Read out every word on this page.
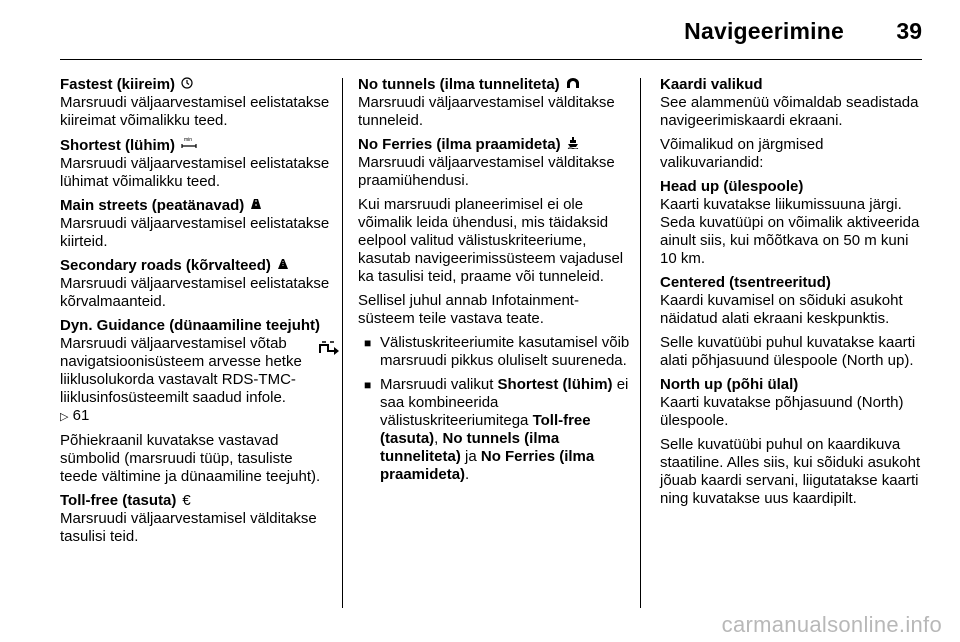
Navigeerimine 39
Fastest (kiireim)
Marsruudi väljaarvestamisel eelistatakse kiireimat võimalikku teed.
Shortest (lühim) min
Marsruudi väljaarvestamisel eelistatakse lühimat võimalikku teed.
Main streets (peatänavad)
Marsruudi väljaarvestamisel eelistatakse kiirteid.
Secondary roads (kõrvalteed)
Marsruudi väljaarvestamisel eelistatakse kõrvalmaanteid.
Dyn. Guidance (dünaamiline teejuht)
Marsruudi väljaarvestamisel võtab navigatsioonisüsteem arvesse hetke liiklusolukorda vastavalt RDS-TMC-liiklusinfosüsteemilt saadud infole.
▷ 61

Põhiekraanil kuvatakse vastavad sümbolid (marsruudi tüüp, tasuliste teede vältimine ja dünaamiline teejuht).

Toll-free (tasuta) €
Marsruudi väljaarvestamisel välditakse tasulisi teid.
No tunnels (ilma tunneliteta)
Marsruudi väljaarvestamisel välditakse tunneleid.
No Ferries (ilma praamideta)
Marsruudi väljaarvestamisel välditakse praamiühendusi.

Kui marsruudi planeerimisel ei ole võimalik leida ühendusi, mis täidaksid eelpool valitud välistuskriteeriume, kasutab navigeerimissüsteem vajadusel ka tasulisi teid, praame või tunneleid.

Sellisel juhul annab Infotainment-süsteem teile vastava teate.

■ Välistuskriteeriumite kasutamisel võib marsruudi pikkus oluliselt suureneda.
■ Marsruudi valikut Shortest (lühim) ei saa kombineerida välistuskriteeriumitega Toll-free (tasuta), No tunnels (ilma tunneliteta) ja No Ferries (ilma praamideta).
Kaardi valikud
See alammenüü võimaldab seadistada navigeerimiskaardi ekraani.

Võimalikud on järgmised valikuvariandid:

Head up (ülespoole)
Kaarti kuvatakse liikumissuuna järgi. Seda kuvatüüpi on võimalik aktiveerida ainult siis, kui mõõtkava on 50 m kuni 10 km.
Centered (tsentreeritud)
Kaardi kuvamisel on sõiduki asukoht näidatud alati ekraani keskpunktis.

Selle kuvatüübi puhul kuvatakse kaarti alati põhjasuund ülespoole (North up).

North up (põhi ülal)
Kaarti kuvatakse põhjasuund (North) ülespoole.

Selle kuvatüübi puhul on kaardikuva staatiline. Alles siis, kui sõiduki asukoht jõuab kaardi servani, liigutatakse kaarti ning kuvatakse uus kaardipilt.

carmanualsonline.info
